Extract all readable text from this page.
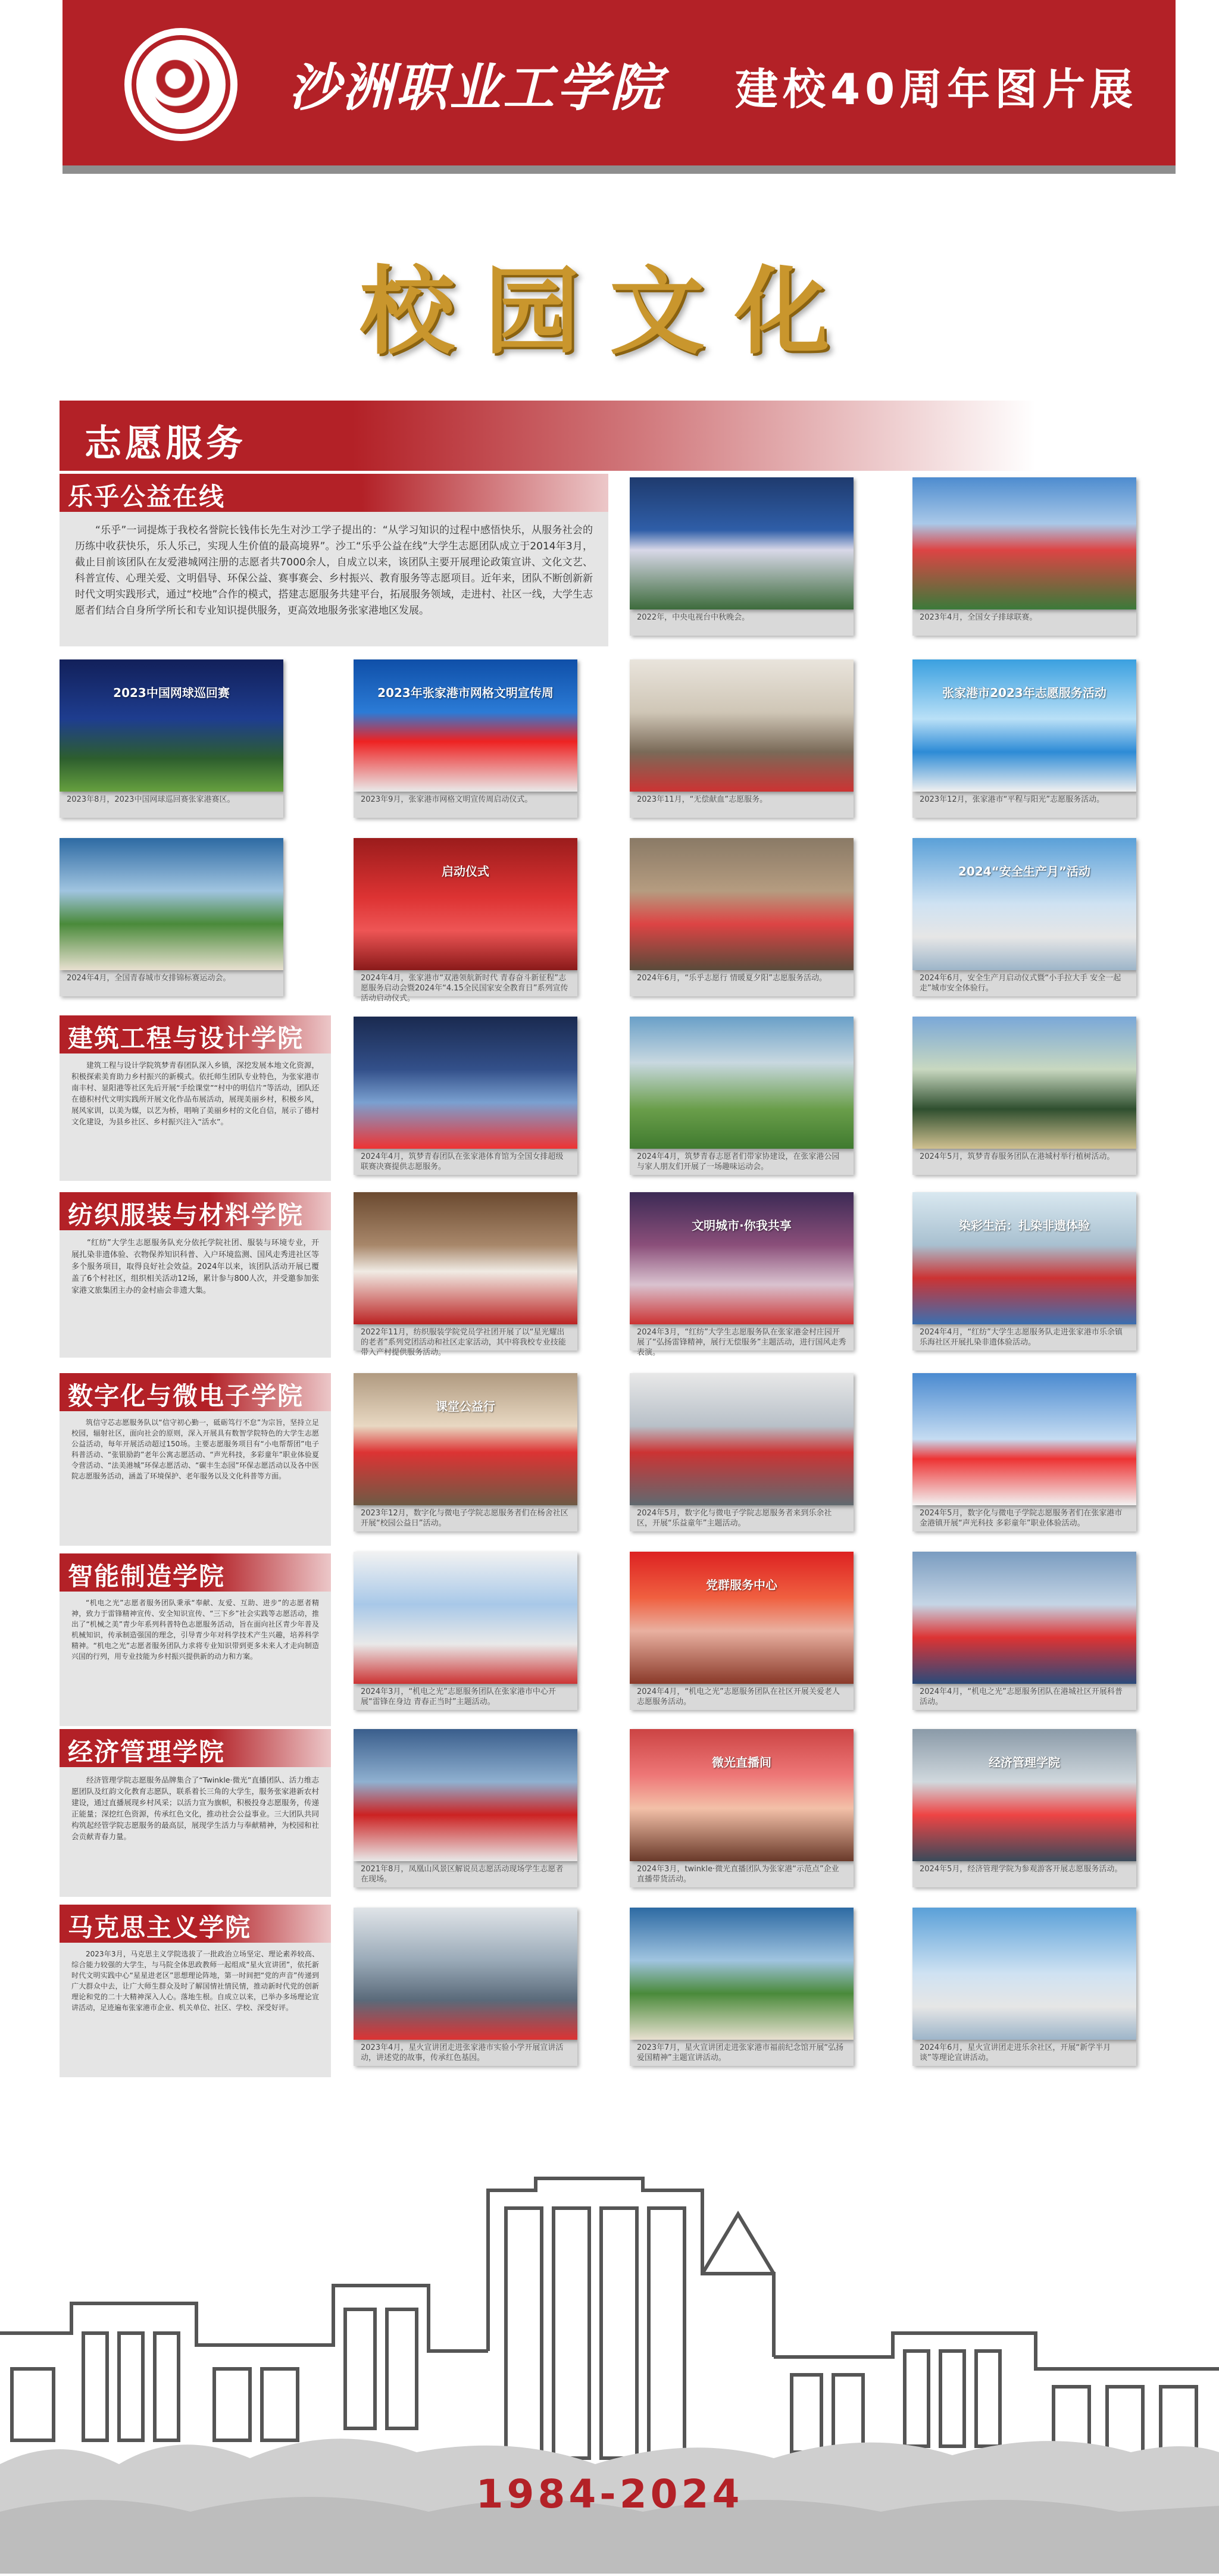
沙洲职业工学院 建校40周年图片展
校园文化
志愿服务
乐乎公益在线
“乐乎”一词提炼于我校名誉院长钱伟长先生对沙工学子提出的：“从学习知识的过程中感悟快乐，从服务社会的历练中收获快乐，乐人乐己，实现人生价值的最高境界”。沙工“乐乎公益在线”大学生志愿团队成立于2014年3月，截止目前该团队在友爱港城网注册的志愿者共7000余人，自成立以来，该团队主要开展理论政策宣讲、文化文艺、科普宣传、心理关爱、文明倡导、环保公益、赛事赛会、乡村振兴、教育服务等志愿项目。近年来，团队不断创新新时代文明实践形式，通过“校地”合作的模式，搭建志愿服务共建平台，拓展服务领域，走进村、社区一线，大学生志愿者们结合自身所学所长和专业知识提供服务，更高效地服务张家港地区发展。
建筑工程与设计学院
建筑工程与设计学院筑梦青春团队深入乡镇，深挖发展本地文化资源，积极探索美育助力乡村振兴的新模式。依托师生团队专业特色，为张家港市南丰村、显阳港等社区先后开展“手绘课堂”“村中的明信片”等活动，团队还在德积村代文明实践所开展文化作品布展活动，展现美丽乡村，积极乡风，展风家训，以美为媒，以艺为桥，唱响了美丽乡村的文化自信，展示了德村文化建设，为县乡社区、乡村振兴注入“活水”。
纺织服装与材料学院
“红纺”大学生志愿服务队充分依托学院社团、服装与环境专业，开展扎染非遗体验、衣物保养知识科普、入户环境监测、国风走秀进社区等多个服务项目，取得良好社会效益。2024年以来，该团队活动开展已覆盖了6个村社区，组织相关活动12场，累计参与800人次，并受邀参加张家港文旅集团主办的金村庙会非遗大集。
数字化与微电子学院
筑信守芯志愿服务队以“信守初心勤一，砥砺笃行不怠”为宗旨，坚持立足校园，辐射社区，面向社会的原则，深入开展具有数智学院特色的大学生志愿公益活动，每年开展活动超过150场。主要志愿服务项目有“小电帮帮团”电子科普活动、“张银励韵”老年公寓志愿活动、“声光科技，多彩童年”职业体验夏令营活动、“法美港城”环保志愿活动、“碳丰生态园”环保志愿活动以及各中医院志愿服务活动，涵盖了环境保护、老年服务以及文化科普等方面。
智能制造学院
“机电之光”志愿者服务团队秉承“奉献、友爱、互助、进步”的志愿者精神，致力于雷锋精神宣传、安全知识宣传、“三下乡”社会实践等志愿活动，推出了“机械之美”青少年系列科普特色志愿服务活动，旨在面向社区青少年普及机械知识，传承制造强国的理念，引导青少年对科学技术产生兴趣，培养科学精神。“机电之光”志愿者服务团队力求将专业知识带到更多未来人才走向制造兴国的行列，用专业技能为乡村振兴提供新的动力和方案。
经济管理学院
经济管理学院志愿服务品牌集合了“Twinkle·微光”直播团队、活力维志愿团队及红韵文化教育志愿队，联系着长三角的大学生，服务张家港新农村建设，通过直播展现乡村风采；以活力宣为旗帜，积极投身志愿服务，传递正能量；深挖红色资源，传承红色文化，推动社会公益事业。三大团队共同构筑起经管学院志愿服务的最高层，展现学生活力与奉献精神，为校园和社会贡献青春力量。
马克思主义学院
2023年3月，马克思主义学院选拔了一批政治立场坚定、理论素养较高、综合能力较强的大学生，与马院全体思政教师一起组成“星火宣讲团”，依托新时代文明实践中心“星星进老区”思想理论阵地，第一时间把“党的声音”传递到广大群众中去，让广大师生群众及时了解国情社情民情，推动新时代党的创新理论和党的二十大精神深入人心。落地生根。自成立以来，已举办多场理论宣讲活动，足迹遍布张家港市企业、机关单位、社区、学校、深受好评。
2022年，中央电视台中秋晚会。	2023年4月，全国女子排球联赛。
2023中国网球巡回赛
2023年8月，2023中国网球巡回赛张家港赛区。
2023年张家港市网格文明宣传周
2023年9月，张家港市网格文明宣传周启动仪式。	2023年11月，“无偿献血”志愿服务。
张家港市2023年志愿服务活动
2023年12月，张家港市“平程与阳光”志愿服务活动。
2024年4月，全国青春城市女排锦标赛运动会。
启动仪式
2024年4月，张家港市“双港领航新时代 青春奋斗新征程”志愿服务启动会暨2024年“4.15全民国家安全教育日”系列宣传活动启动仪式。
2024年6月，“乐乎志愿行 情暖夏夕阳”志愿服务活动。
2024“安全生产月”活动
2024年6月，安全生产月启动仪式暨“小手拉大手 安全一起走”城市安全体验行。
2024年4月，筑梦青春团队在张家港体育馆为全国女排超级联赛决赛提供志愿服务。
2024年4月，筑梦青春志愿者们带家协建设，在张家港公园与家人朋友们开展了一场趣味运动会。
2024年5月，筑梦青春服务团队在港城村举行植树活动。
2022年11月，纺织服装学院党员学社团开展了以“星光耀出的老者”系列党团活动和社区走家活动，其中将我校专业技能带入产村提供服务活动。
文明城市·你我共享
2024年3月，“红纺”大学生志愿服务队在张家港金村庄园开展了“弘扬雷锋精神，展行无偿服务”主题活动，进行国风走秀表演。
染彩生活：扎染非遗体验
2024年4月，“红纺”大学生志愿服务队走进张家港市乐余镇乐海社区开展扎染非遗体验活动。
课堂公益行
2023年12月，数字化与微电子学院志愿服务者们在杨舍社区开展“校园公益日”活动。
2024年5月，数字化与微电子学院志愿服务者来到乐余社区，开展“乐益童年”主题活动。
2024年5月，数字化与微电子学院志愿服务者们在张家港市金港镇开展“声光科技 多彩童年”职业体验活动。
2024年3月，“机电之光”志愿服务团队在张家港市中心开展“雷锋在身边 青春正当时”主题活动。
党群服务中心
2024年4月，“机电之光”志愿服务团队在社区开展关爱老人志愿服务活动。
2024年4月，“机电之光”志愿服务团队在港城社区开展科普活动。
2021年8月，凤凰山风景区解说员志愿活动现场学生志愿者在现场。
微光直播间
2024年3月，twinkle·微光直播团队为张家港“示范点”企业直播带货活动。
经济管理学院
2024年5月，经济管理学院为参观游客开展志愿服务活动。
2023年4月，星火宣讲团走进张家港市实验小学开展宣讲活动，讲述党的故事，传承红色基因。
2023年7月，星火宣讲团走进张家港市福前纪念馆开展“弘扬爱国精神”主题宣讲活动。
2024年6月，星火宣讲团走进乐余社区，开展“新学半月谈”等理论宣讲活动。
1984-2024
